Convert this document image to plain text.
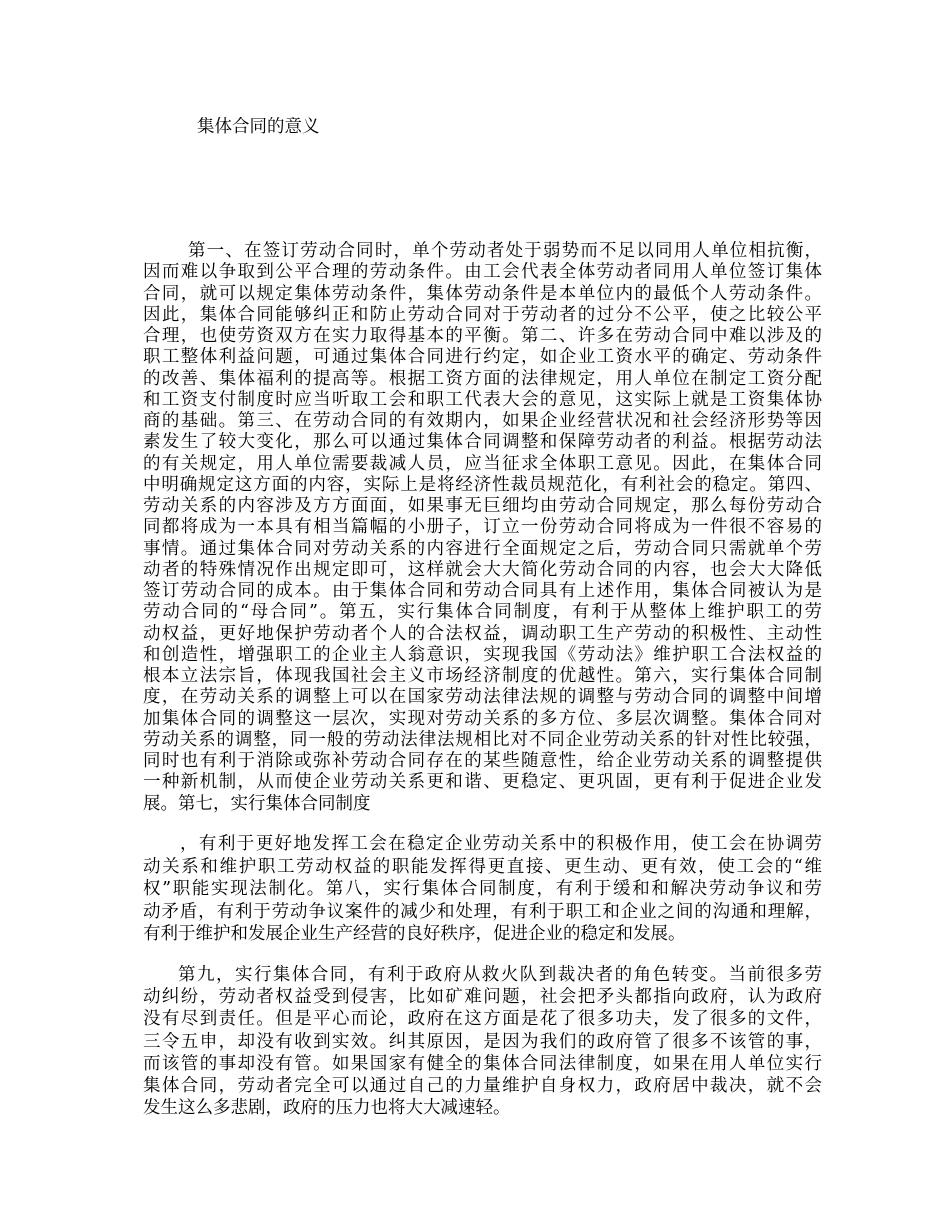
集体合同的意义
第一、在签订劳动合同时，单个劳动者处于弱势而不足以同用人单位相抗衡，
因而难以争取到公平合理的劳动条件。由工会代表全体劳动者同用人单位签订集体
合同，就可以规定集体劳动条件，集体劳动条件是本单位内的最低个人劳动条件。
因此，集体合同能够纠正和防止劳动合同对于劳动者的过分不公平，使之比较公平
合理，也使劳资双方在实力取得基本的平衡。第二、许多在劳动合同中难以涉及的
职工整体利益问题，可通过集体合同进行约定，如企业工资水平的确定、劳动条件
的改善、集体福利的提高等。根据工资方面的法律规定，用人单位在制定工资分配
和工资支付制度时应当听取工会和职工代表大会的意见，这实际上就是工资集体协
商的基础。第三、在劳动合同的有效期内，如果企业经营状况和社会经济形势等因
素发生了较大变化，那么可以通过集体合同调整和保障劳动者的利益。根据劳动法
的有关规定，用人单位需要裁减人员，应当征求全体职工意见。因此，在集体合同
中明确规定这方面的内容，实际上是将经济性裁员规范化，有利社会的稳定。第四、
劳动关系的内容涉及方方面面，如果事无巨细均由劳动合同规定，那么每份劳动合
同都将成为一本具有相当篇幅的小册子，订立一份劳动合同将成为一件很不容易的
事情。通过集体合同对劳动关系的内容进行全面规定之后，劳动合同只需就单个劳
动者的特殊情况作出规定即可，这样就会大大简化劳动合同的内容，也会大大降低
签订劳动合同的成本。由于集体合同和劳动合同具有上述作用，集体合同被认为是
劳动合同的“母合同”。第五，实行集体合同制度，有利于从整体上维护职工的劳
动权益，更好地保护劳动者个人的合法权益，调动职工生产劳动的积极性、主动性
和创造性，增强职工的企业主人翁意识，实现我国《劳动法》维护职工合法权益的
根本立法宗旨，体现我国社会主义市场经济制度的优越性。第六，实行集体合同制
度，在劳动关系的调整上可以在国家劳动法律法规的调整与劳动合同的调整中间增
加集体合同的调整这一层次，实现对劳动关系的多方位、多层次调整。集体合同对
劳动关系的调整，同一般的劳动法律法规相比对不同企业劳动关系的针对性比较强，
同时也有利于消除或弥补劳动合同存在的某些随意性，给企业劳动关系的调整提供
一种新机制，从而使企业劳动关系更和谐、更稳定、更巩固，更有利于促进企业发
展。第七，实行集体合同制度
，有利于更好地发挥工会在稳定企业劳动关系中的积极作用，使工会在协调劳
动关系和维护职工劳动权益的职能发挥得更直接、更生动、更有效，使工会的“维
权”职能实现法制化。第八，实行集体合同制度，有利于缓和和解决劳动争议和劳
动矛盾，有利于劳动争议案件的减少和处理，有利于职工和企业之间的沟通和理解，
有利于维护和发展企业生产经营的良好秩序，促进企业的稳定和发展。
第九，实行集体合同，有利于政府从救火队到裁决者的角色转变。当前很多劳
动纠纷，劳动者权益受到侵害，比如矿难问题，社会把矛头都指向政府，认为政府
没有尽到责任。但是平心而论，政府在这方面是花了很多功夫，发了很多的文件，
三令五申，却没有收到实效。纠其原因，是因为我们的政府管了很多不该管的事，
而该管的事却没有管。如果国家有健全的集体合同法律制度，如果在用人单位实行
集体合同，劳动者完全可以通过自己的力量维护自身权力，政府居中裁决，就不会
发生这么多悲剧，政府的压力也将大大减速轻。
